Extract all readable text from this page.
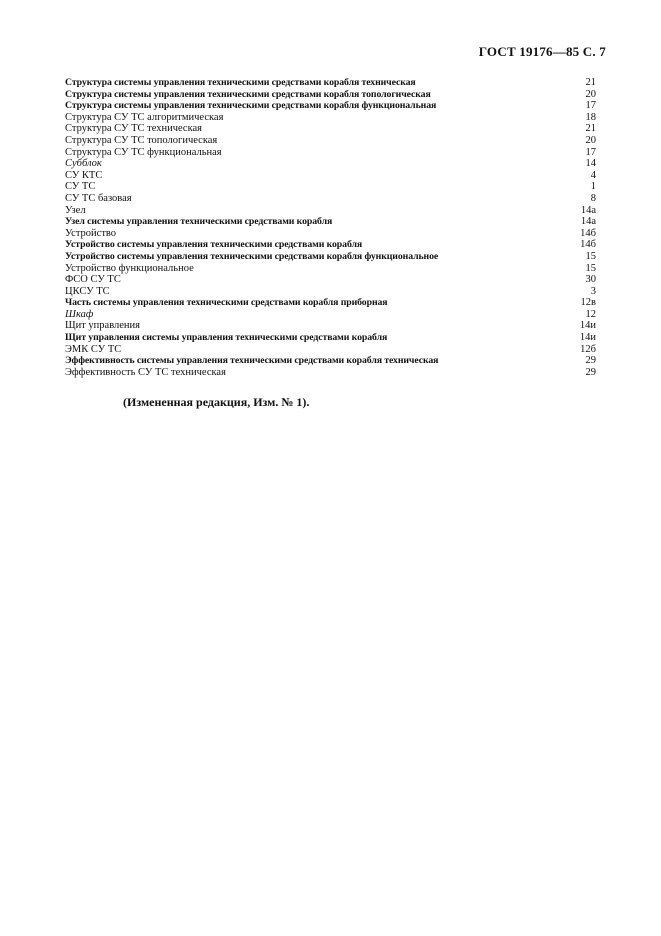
ГОСТ 19176—85 С. 7
Структура системы управления техническими средствами корабля техническая	21
Структура системы управления техническими средствами корабля топологическая	20
Структура системы управления техническими средствами корабля функциональная	17
Структура СУ ТС алгоритмическая	18
Структура СУ ТС техническая	21
Структура СУ ТС топологическая	20
Структура СУ ТС функциональная	17
Субблок	14
СУ КТС	4
СУ ТС	1
СУ ТС базовая	8
Узел	14а
Узел системы управления техническими средствами корабля	14а
Устройство	14б
Устройство системы управления техническими средствами корабля	14б
Устройство системы управления техническими средствами корабля функциональное	15
Устройство функциональное	15
ФСО СУ ТС	30
ЦКСУ ТС	3
Часть системы управления техническими средствами корабля приборная	12в
Шкаф	12
Щит управления	14и
Щит управления системы управления техническими средствами корабля	14и
ЭМК СУ ТС	12б
Эффективность системы управления техническими средствами корабля техническая	29
Эффективность СУ ТС техническая	29
(Измененная редакция, Изм. № 1).
